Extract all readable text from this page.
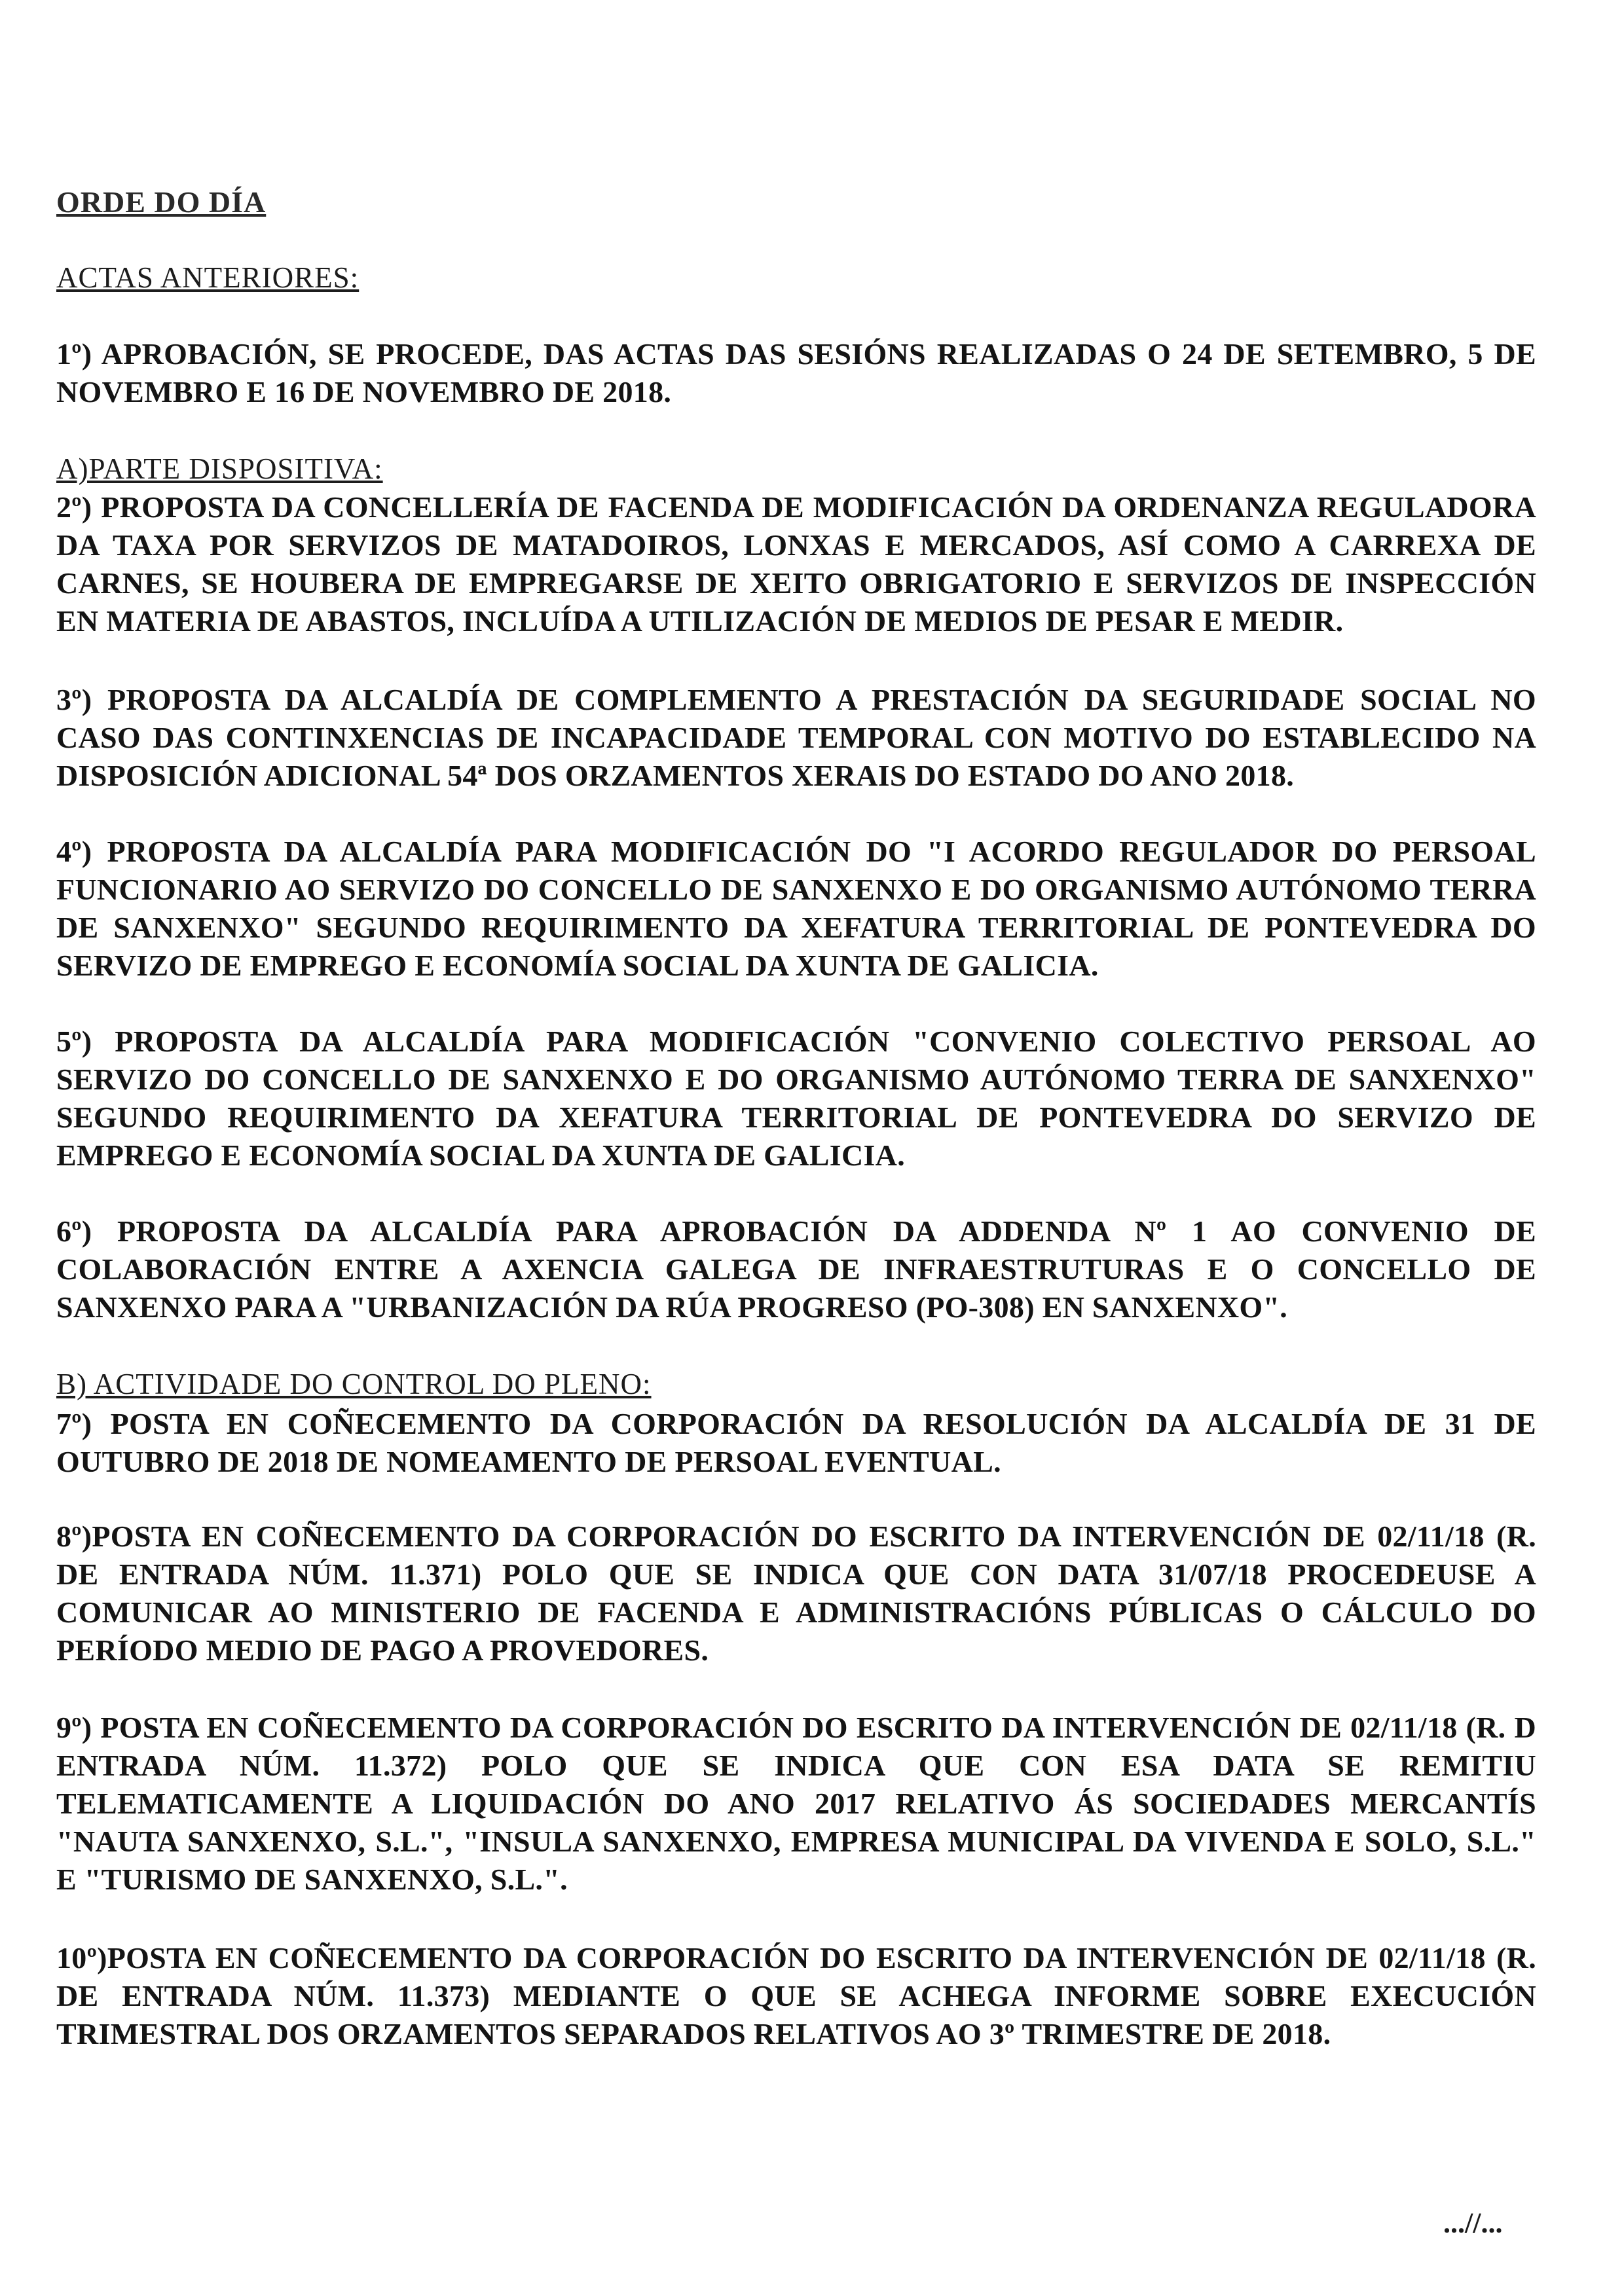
ORDE DO DÍA
ACTAS ANTERIORES:
1º) APROBACIÓN, SE PROCEDE, DAS ACTAS DAS SESIÓNS REALIZADAS O 24 DE SETEMBRO, 5 DE NOVEMBRO E 16 DE NOVEMBRO DE 2018.
A)PARTE DISPOSITIVA:
2º) PROPOSTA DA CONCELLERÍA DE FACENDA DE MODIFICACIÓN DA ORDENANZA REGULADORA DA TAXA POR SERVIZOS DE MATADOIROS, LONXAS E MERCADOS, ASÍ COMO A CARREXA DE CARNES, SE HOUBERA DE EMPREGARSE DE XEITO OBRIGATORIO E SERVIZOS DE INSPECCIÓN EN MATERIA DE ABASTOS, INCLUÍDA A UTILIZACIÓN DE MEDIOS DE PESAR E MEDIR.
3º) PROPOSTA DA ALCALDÍA DE COMPLEMENTO A PRESTACIÓN DA SEGURIDADE SOCIAL NO CASO DAS CONTINXENCIAS DE INCAPACIDADE TEMPORAL CON MOTIVO DO ESTABLECIDO NA DISPOSICIÓN ADICIONAL 54ª DOS ORZAMENTOS XERAIS DO ESTADO DO ANO 2018.
4º) PROPOSTA DA ALCALDÍA PARA MODIFICACIÓN DO "I ACORDO REGULADOR DO PERSOAL FUNCIONARIO AO SERVIZO DO CONCELLO DE SANXENXO E DO ORGANISMO AUTÓNOMO TERRA DE SANXENXO" SEGUNDO REQUIRIMENTO DA XEFATURA TERRITORIAL DE PONTEVEDRA DO SERVIZO DE EMPREGO E ECONOMÍA SOCIAL DA XUNTA DE GALICIA.
5º) PROPOSTA DA ALCALDÍA PARA MODIFICACIÓN "CONVENIO COLECTIVO PERSOAL AO SERVIZO DO CONCELLO DE SANXENXO E DO ORGANISMO AUTÓNOMO TERRA DE SANXENXO" SEGUNDO REQUIRIMENTO DA XEFATURA TERRITORIAL DE PONTEVEDRA DO SERVIZO DE EMPREGO E ECONOMÍA SOCIAL DA XUNTA DE GALICIA.
6º) PROPOSTA DA ALCALDÍA PARA APROBACIÓN DA ADDENDA Nº 1 AO CONVENIO DE COLABORACIÓN ENTRE A AXENCIA GALEGA DE INFRAESTRUTURAS E O CONCELLO DE SANXENXO PARA A "URBANIZACIÓN DA RÚA PROGRESO (PO-308) EN SANXENXO".
B) ACTIVIDADE DO CONTROL DO PLENO:
7º) POSTA EN COÑECEMENTO DA CORPORACIÓN DA RESOLUCIÓN DA ALCALDÍA DE 31 DE OUTUBRO DE 2018 DE NOMEAMENTO DE PERSOAL EVENTUAL.
8º)POSTA EN COÑECEMENTO DA CORPORACIÓN DO ESCRITO DA INTERVENCIÓN DE 02/11/18 (R. DE ENTRADA NÚM. 11.371) POLO QUE SE INDICA QUE CON DATA 31/07/18 PROCEDEUSE A COMUNICAR AO MINISTERIO DE FACENDA E ADMINISTRACIÓNS PÚBLICAS O CÁLCULO DO PERÍODO MEDIO DE PAGO A PROVEDORES.
9º) POSTA EN COÑECEMENTO DA CORPORACIÓN DO ESCRITO DA INTERVENCIÓN DE 02/11/18 (R. D ENTRADA NÚM. 11.372) POLO QUE SE INDICA QUE CON ESA DATA SE REMITIU TELEMATICAMENTE A LIQUIDACIÓN DO ANO 2017 RELATIVO ÁS SOCIEDADES MERCANTÍS "NAUTA SANXENXO, S.L.", "INSULA SANXENXO, EMPRESA MUNICIPAL DA VIVENDA E SOLO, S.L." E "TURISMO DE SANXENXO, S.L.".
10º)POSTA EN COÑECEMENTO DA CORPORACIÓN DO ESCRITO DA INTERVENCIÓN DE 02/11/18 (R. DE ENTRADA NÚM. 11.373) MEDIANTE O QUE SE ACHEGA INFORME SOBRE EXECUCIÓN TRIMESTRAL DOS ORZAMENTOS SEPARADOS RELATIVOS AO 3º TRIMESTRE DE 2018.
...//...
